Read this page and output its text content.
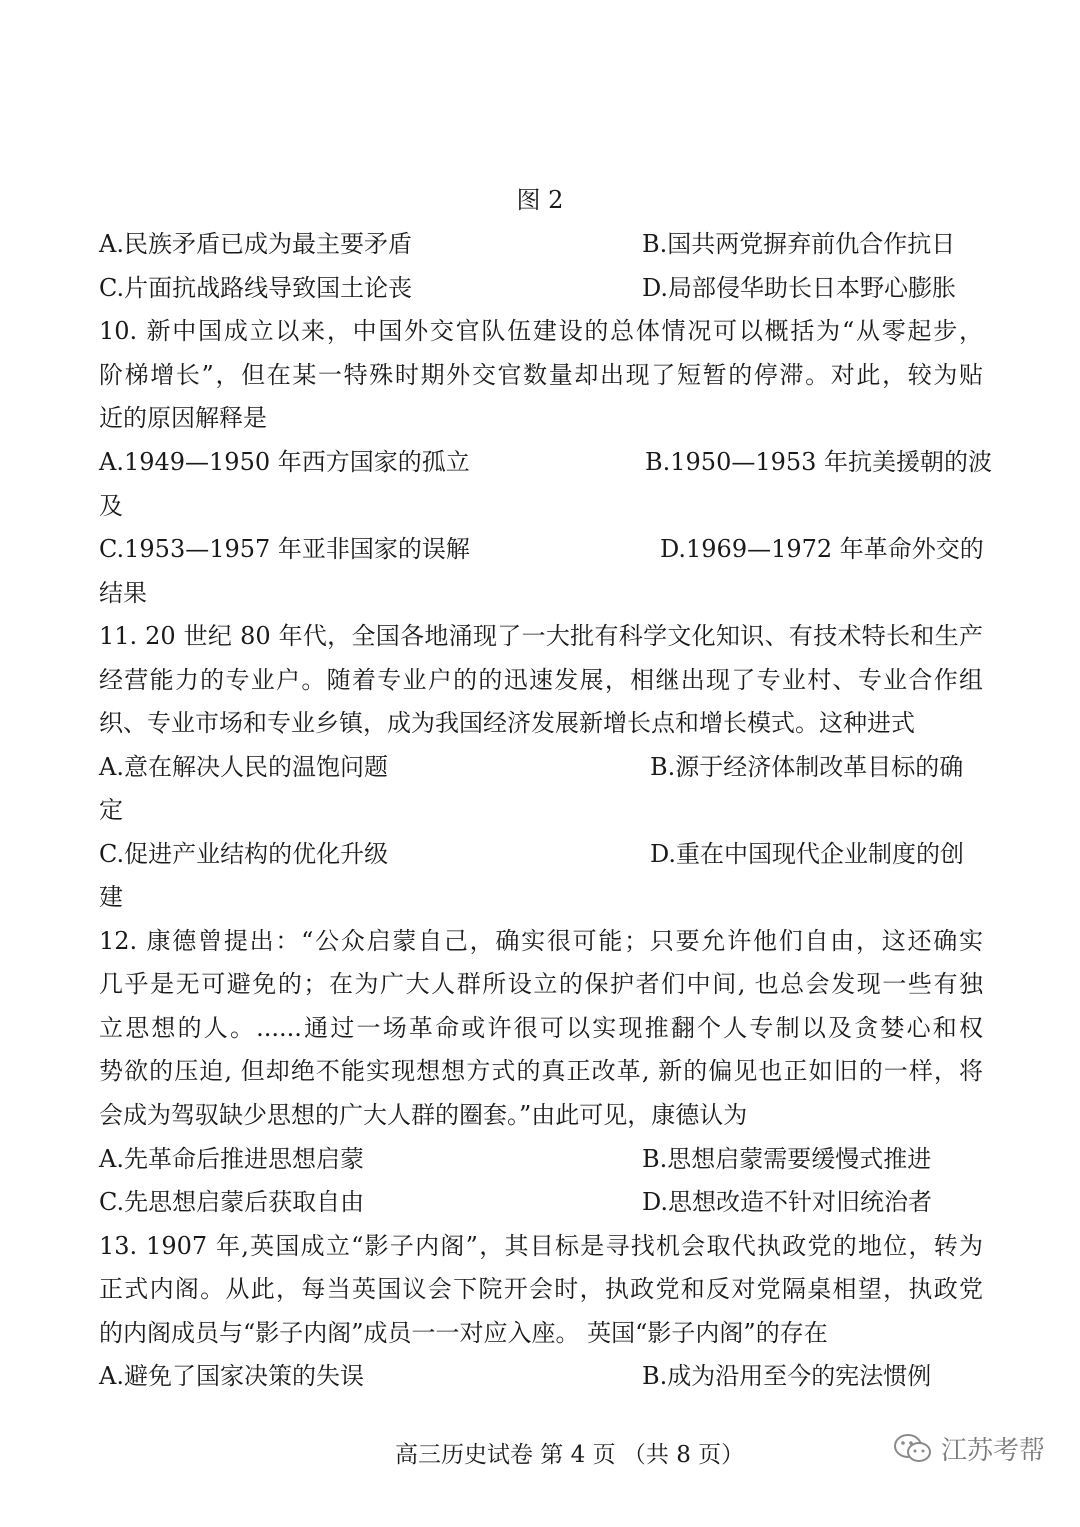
图 2
A.民族矛盾已成为最主要矛盾	B.国共两党摒弃前仇合作抗日
C.片面抗战路线导致国土论丧	D.局部侵华助长日本野心膨胀
10. 新中国成立以来，中国外交官队伍建设的总体情况可以概括为“从零起步，
阶梯增长”，但在某一特殊时期外交官数量却出现了短暂的停滞。对此，较为贴
近的原因解释是
A.1949—1950 年西方国家的孤立	B.1950—1953 年抗美援朝的波
及
C.1953—1957 年亚非国家的误解	D.1969—1972 年革命外交的
结果
11. 20 世纪 80 年代，全国各地涌现了一大批有科学文化知识、有技术特长和生产
经营能力的专业户。随着专业户的的迅速发展，相继出现了专业村、专业合作组
织、专业市场和专业乡镇，成为我国经济发展新增长点和增长模式。这种进式
A.意在解决人民的温饱问题	B.源于经济体制改革目标的确
定
C.促进产业结构的优化升级	D.重在中国现代企业制度的创
建
12. 康德曾提出：“公众启蒙自己，确实很可能；只要允许他们自由，这还确实
几乎是无可避免的；在为广大人群所设立的保护者们中间, 也总会发现一些有独
立思想的人。......通过一场革命或许很可以实现推翻个人专制以及贪婪心和权
势欲的压迫, 但却绝不能实现想想方式的真正改革, 新的偏见也正如旧的一样，将
会成为驾驭缺少思想的广大人群的圈套。”由此可见，康德认为
A.先革命后推进思想启蒙	B.思想启蒙需要缓慢式推进
C.先思想启蒙后获取自由	D.思想改造不针对旧统治者
13. 1907 年,英国成立“影子内阁”，其目标是寻找机会取代执政党的地位，转为
正式内阁。从此，每当英国议会下院开会时，执政党和反对党隔桌相望，执政党
的内阁成员与“影子内阁”成员一一对应入座。 英国“影子内阁”的存在
A.避免了国家决策的失误	B.成为沿用至今的宪法惯例
高三历史试卷 第 4 页 （共 8 页）	江苏考帮
